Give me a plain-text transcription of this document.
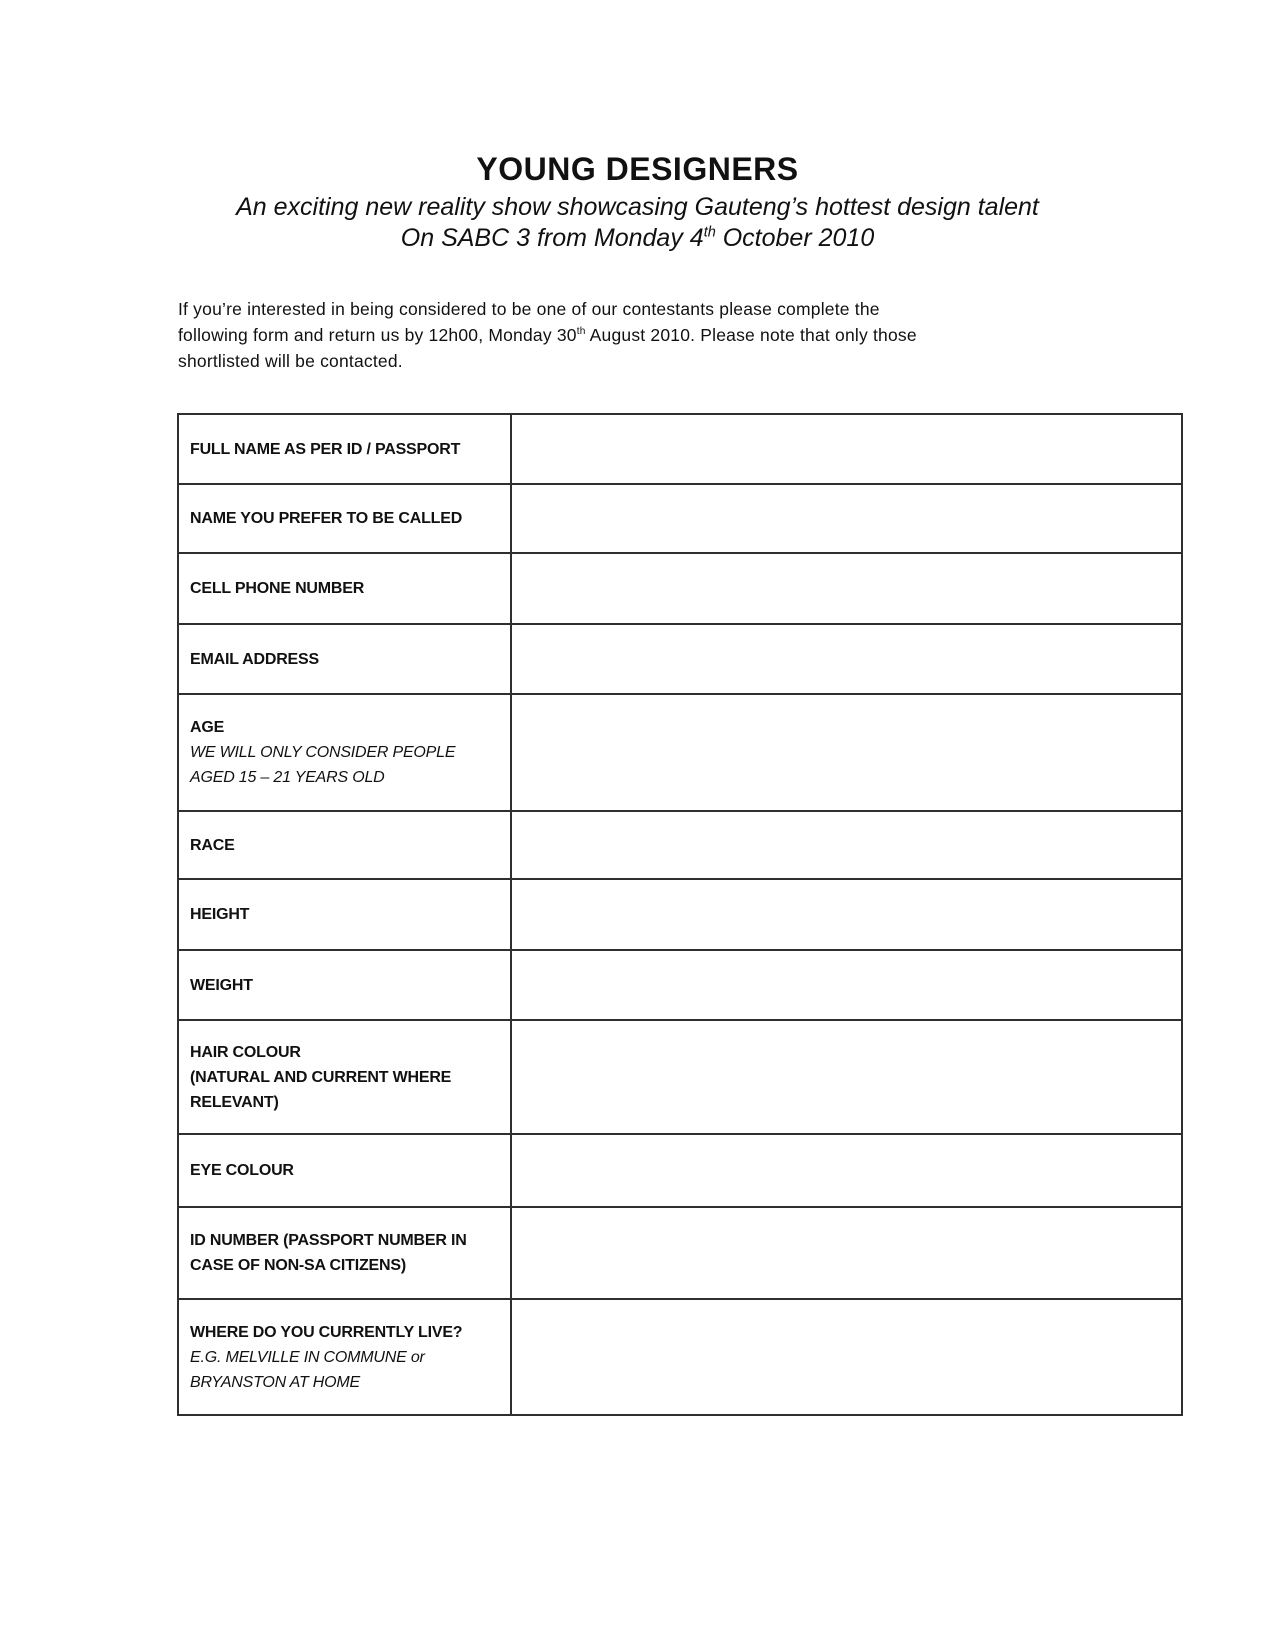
YOUNG DESIGNERS

An exciting new reality show showcasing Gauteng’s hottest design talent
On SABC 3 from Monday 4th October 2010

If you’re interested in being considered to be one of our contestants please complete the
following form and return us by 12h00, Monday 30th August 2010. Please note that only those
shortlisted will be contacted.

FULL NAME AS PER ID / PASSPORT	

NAME YOU PREFER TO BE CALLED	

CELL PHONE NUMBER	

EMAIL ADDRESS	

AGE
WE WILL ONLY CONSIDER PEOPLE AGED 15 – 21 YEARS OLD	

RACE	

HEIGHT	

WEIGHT	

HAIR COLOUR
(NATURAL AND CURRENT WHERE RELEVANT)	

EYE COLOUR	

ID NUMBER (PASSPORT NUMBER IN CASE OF NON-SA CITIZENS)	

WHERE DO YOU CURRENTLY LIVE?
E.G. MELVILLE IN COMMUNE or BRYANSTON AT HOME	
